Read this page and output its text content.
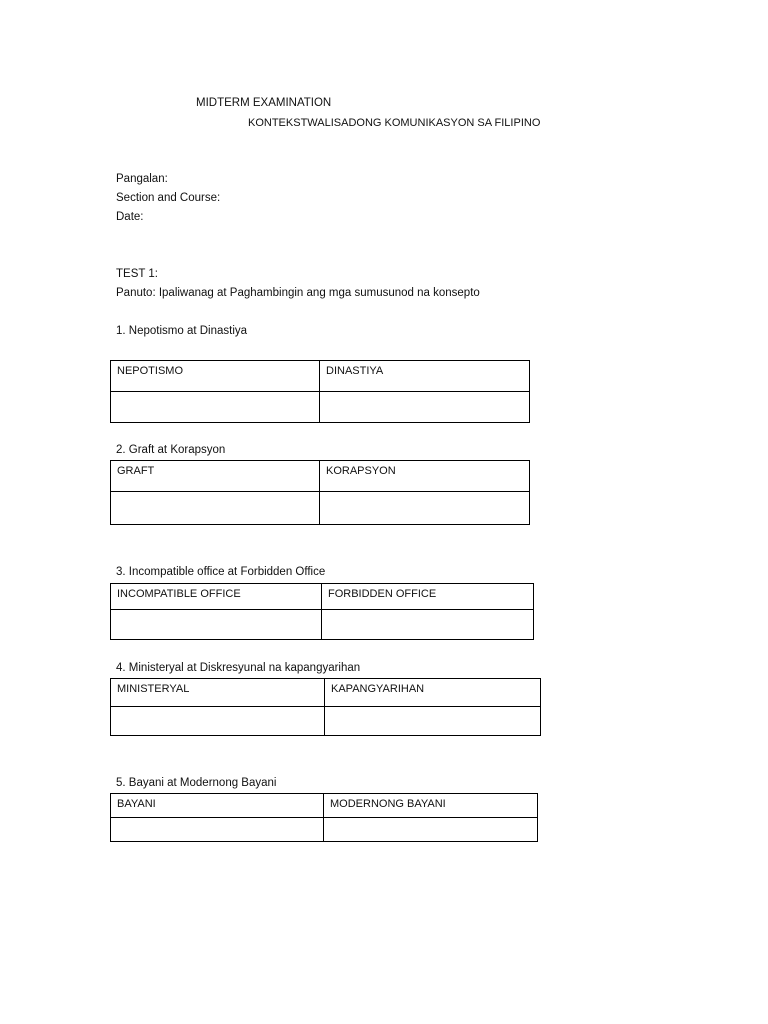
MIDTERM EXAMINATION
KONTEKSTWALISADONG KOMUNIKASYON SA FILIPINO
Pangalan:
Section and Course:
Date:
TEST 1:
Panuto: Ipaliwanag at Paghambingin ang mga sumusunod na konsepto
1. Nepotismo at Dinastiya
NEPOTISMO	DINASTIYA

2. Graft at Korapsyon
GRAFT	KORAPSYON

3. Incompatible office at Forbidden Office
INCOMPATIBLE OFFICE	FORBIDDEN OFFICE

4. Ministeryal at Diskresyunal na kapangyarihan
MINISTERYAL	KAPANGYARIHAN

5. Bayani at Modernong Bayani
BAYANI	MODERNONG BAYANI
